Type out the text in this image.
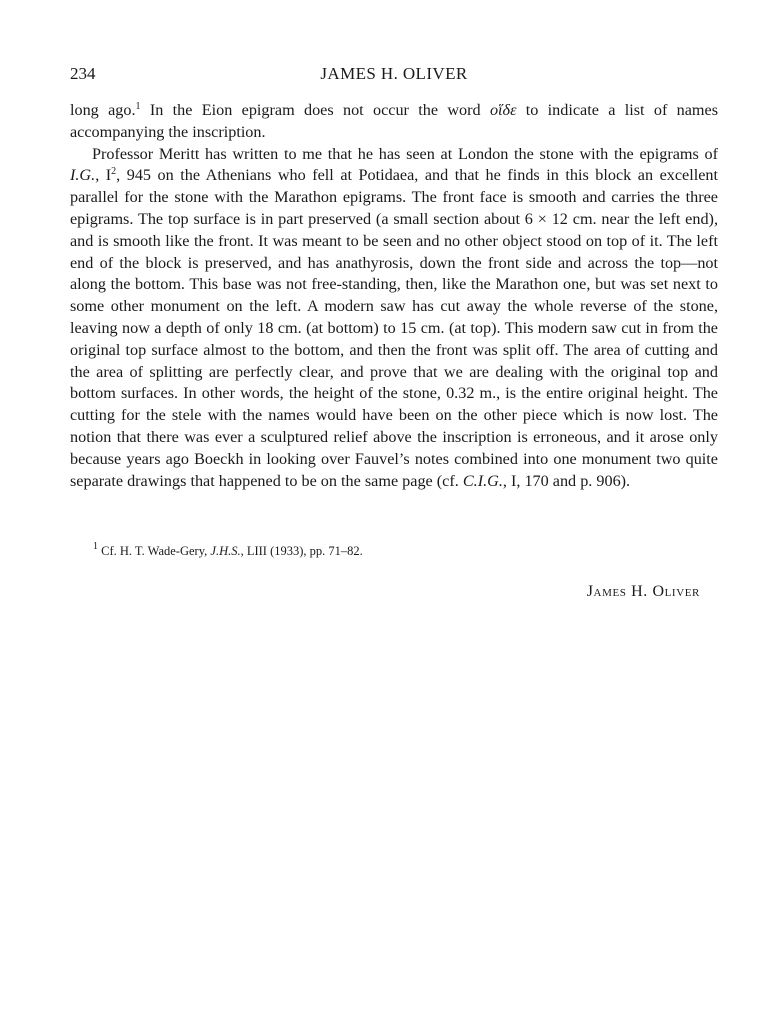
234	JAMES H. OLIVER

long ago.$^1$ In the Eion epigram does not occur the word οἵδε to indicate a list of names accompanying the inscription.

Professor Meritt has written to me that he has seen at London the stone with the epigrams of I.G., $I^2$, 945 on the Athenians who fell at Potidaea, and that he finds in this block an excellent parallel for the stone with the Marathon epigrams. The front face is smooth and carries the three epigrams. The top surface is in part preserved (a small section about 6 × 12 cm. near the left end), and is smooth like the front. It was meant to be seen and no other object stood on top of it. The left end of the block is preserved, and has anathyrosis, down the front side and across the top—not along the bottom. This base was not free-standing, then, like the Marathon one, but was set next to some other monument on the left. A modern saw has cut away the whole reverse of the stone, leaving now a depth of only 18 cm. (at bottom) to 15 cm. (at top). This modern saw cut in from the original top surface almost to the bottom, and then the front was split off. The area of cutting and the area of splitting are perfectly clear, and prove that we are dealing with the original top and bottom surfaces. In other words, the height of the stone, 0.32 m., is the entire original height. The cutting for the stele with the names would have been on the other piece which is now lost. The notion that there was ever a sculptured relief above the inscription is erroneous, and it arose only because years ago Boeckh in looking over Fauvel’s notes combined into one monument two quite separate drawings that happened to be on the same page (cf. C.I.G., I, 170 and p. 906).

$^1$ Cf. H. T. Wade-Gery, J.H.S., LIII (1933), pp. 71–82.
James H. Oliver
